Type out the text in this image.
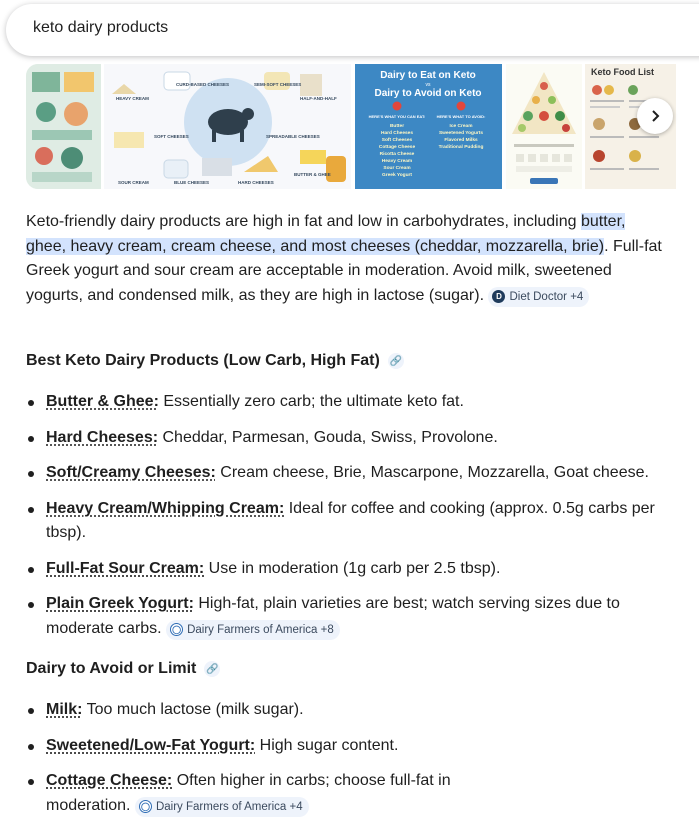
keto dairy products
HEAVY CREAM
CURD-BASED CHEESES	SEMI-SOFT CHEESES
HALF-AND-HALF
SOFT CHEESES	SPREADABLE CHEESES
SOUR CREAM	BLUE CHEESES	HARD CHEESES
BUTTER & GHEE
Dairy to Eat on Keto
vs
Dairy to Avoid on Keto
HERE'S WHAT YOU CAN EAT:	HERE'S WHAT TO AVOID:
Butter
Hard Cheeses
Soft Cheeses
Cottage Cheese
Ricotta Cheese
Heavy Cream
Sour Cream
Greek Yogurt
Ice Cream
Sweetened Yogurts
Flavored Milks
Traditional Pudding
Keto Food List

Keto-friendly dairy products are high in fat and low in carbohydrates, including butter, ghee, heavy cream, cream cheese, and most cheeses (cheddar, mozzarella, brie). Full-fat Greek yogurt and sour cream are acceptable in moderation. Avoid milk, sweetened yogurts, and condensed milk, as they are high in lactose (sugar).	D Diet Doctor +4

Best Keto Dairy Products (Low Carb, High Fat) 🔗
Butter & Ghee: Essentially zero carb; the ultimate keto fat.
Hard Cheeses: Cheddar, Parmesan, Gouda, Swiss, Provolone.
Soft/Creamy Cheeses: Cream cheese, Brie, Mascarpone, Mozzarella, Goat cheese.
Heavy Cream/Whipping Cream: Ideal for coffee and cooking (approx. 0.5g carbs per tbsp).
Full-Fat Sour Cream: Use in moderation (1g carb per 2.5 tbsp).
Plain Greek Yogurt: High-fat, plain varieties are best; watch serving sizes due to moderate carbs. ◯ Dairy Farmers of America +8
Dairy to Avoid or Limit 🔗
Milk: Too much lactose (milk sugar).
Sweetened/Low-Fat Yogurt: High sugar content.
Cottage Cheese: Often higher in carbs; choose full-fat in moderation. ◯ Dairy Farmers of America +4
